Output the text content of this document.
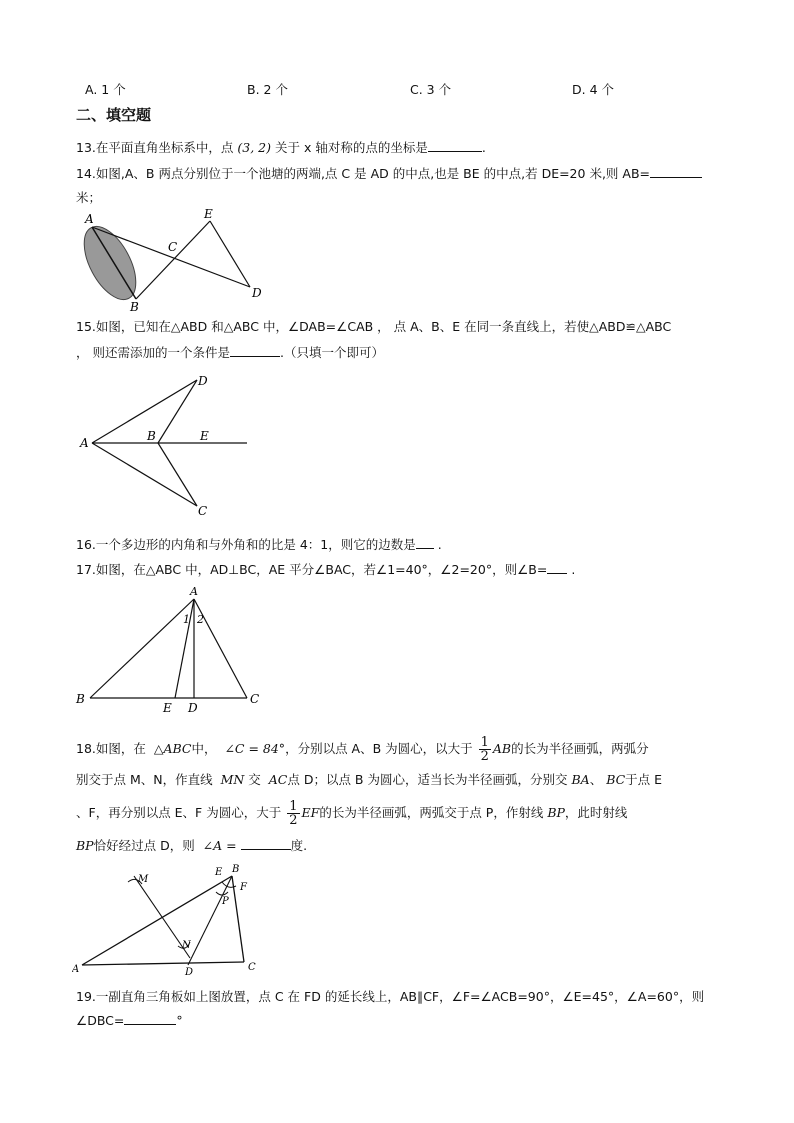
A. 1 个	B. 2 个	C. 3 个	D. 4 个
二、填空题
13.在平面直角坐标系中，点 (3, 2) 关于 x 轴对称的点的坐标是	.
14.如图,A、B 两点分别位于一个池塘的两端,点 C 是 AD 的中点,也是 BE 的中点,若 DE=20 米,则 AB=
米；
A
B
C
D
E
15.如图，已知在△ABD 和△ABC 中，∠DAB=∠CAB ， 点 A、B、E 在同一条直线上，若使△ABD≌△ABC
， 则还需添加的一个条件是	.（只填一个即可）
A	B	E
D
C
16.一个多边形的内角和与外角和的比是 4：1，则它的边数是 .
17.如图，在△ABC 中，AD⊥BC，AE 平分∠BAC，若∠1=40°，∠2=20°，则∠B= .
A
1 2
B	C
E D
18.如图，在 △ABC中， ∠C = 84°，分别以点 A、B 为圆心，以大于 $\frac{1}{2}$ AB的长为半径画弧，两弧分
别交于点 M、N，作直线 MN 交 AC点 D；以点 B 为圆心，适当长为半径画弧，分别交 BA、 BC于点 E
、F，再分别以点 E、F 为圆心，大于 $\frac{1}{2}$ EF的长为半径画弧，两弧交于点 P，作射线 BP，此时射线
BP恰好经过点 D，则 ∠A =	度.
A
B
C
D
E
F
M
N
P
19.一副直角三角板如上图放置，点 C 在 FD 的延长线上，AB∥CF，∠F=∠ACB=90°，∠E=45°，∠A=60°，则
∠DBC=	°
